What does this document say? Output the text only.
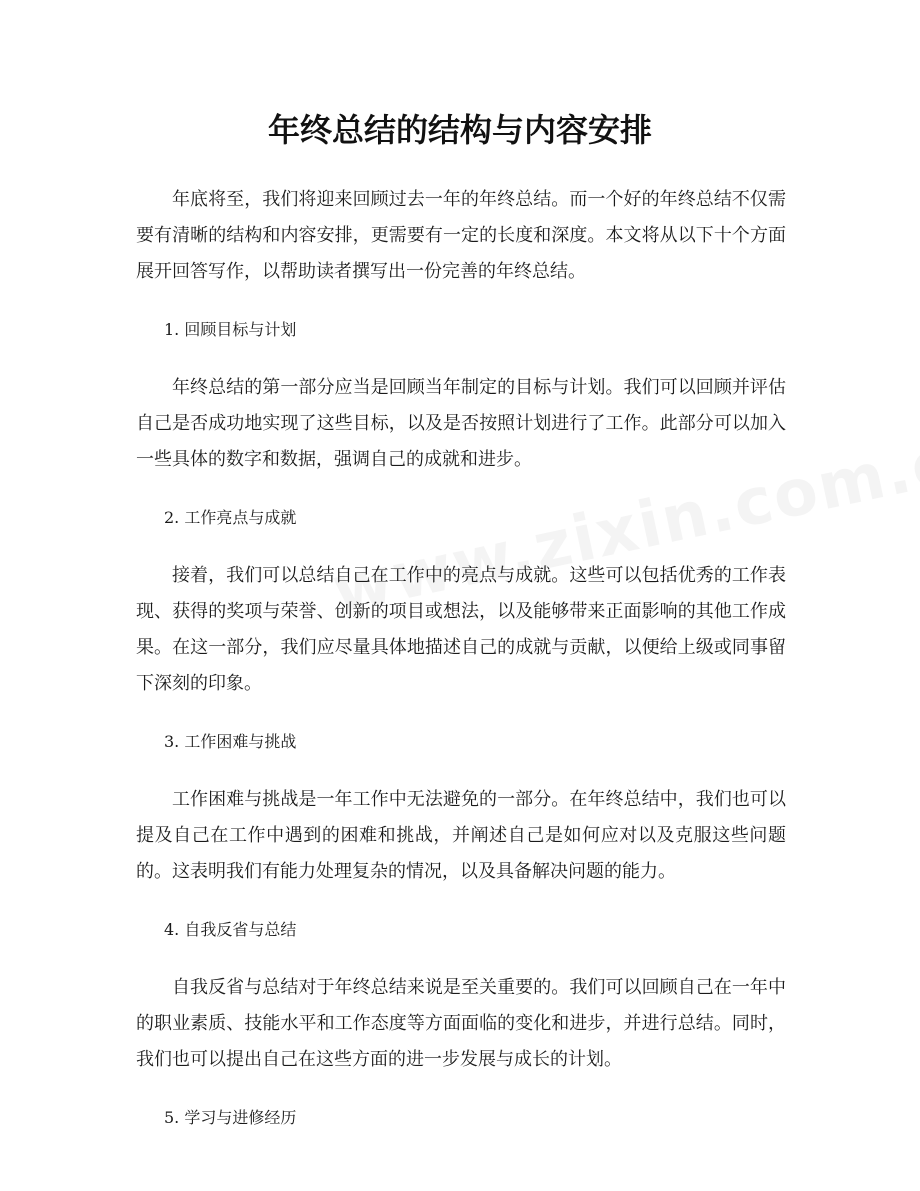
年终总结的结构与内容安排

年底将至，我们将迎来回顾过去一年的年终总结。而一个好的年终总结不仅需要有清晰的结构和内容安排，更需要有一定的长度和深度。本文将从以下十个方面展开回答写作，以帮助读者撰写出一份完善的年终总结。

1. 回顾目标与计划

年终总结的第一部分应当是回顾当年制定的目标与计划。我们可以回顾并评估自己是否成功地实现了这些目标，以及是否按照计划进行了工作。此部分可以加入一些具体的数字和数据，强调自己的成就和进步。

2. 工作亮点与成就

接着，我们可以总结自己在工作中的亮点与成就。这些可以包括优秀的工作表现、获得的奖项与荣誉、创新的项目或想法，以及能够带来正面影响的其他工作成果。在这一部分，我们应尽量具体地描述自己的成就与贡献，以便给上级或同事留下深刻的印象。

3. 工作困难与挑战

工作困难与挑战是一年工作中无法避免的一部分。在年终总结中，我们也可以提及自己在工作中遇到的困难和挑战，并阐述自己是如何应对以及克服这些问题的。这表明我们有能力处理复杂的情况，以及具备解决问题的能力。

4. 自我反省与总结

自我反省与总结对于年终总结来说是至关重要的。我们可以回顾自己在一年中的职业素质、技能水平和工作态度等方面面临的变化和进步，并进行总结。同时，我们也可以提出自己在这些方面的进一步发展与成长的计划。

5. 学习与进修经历
